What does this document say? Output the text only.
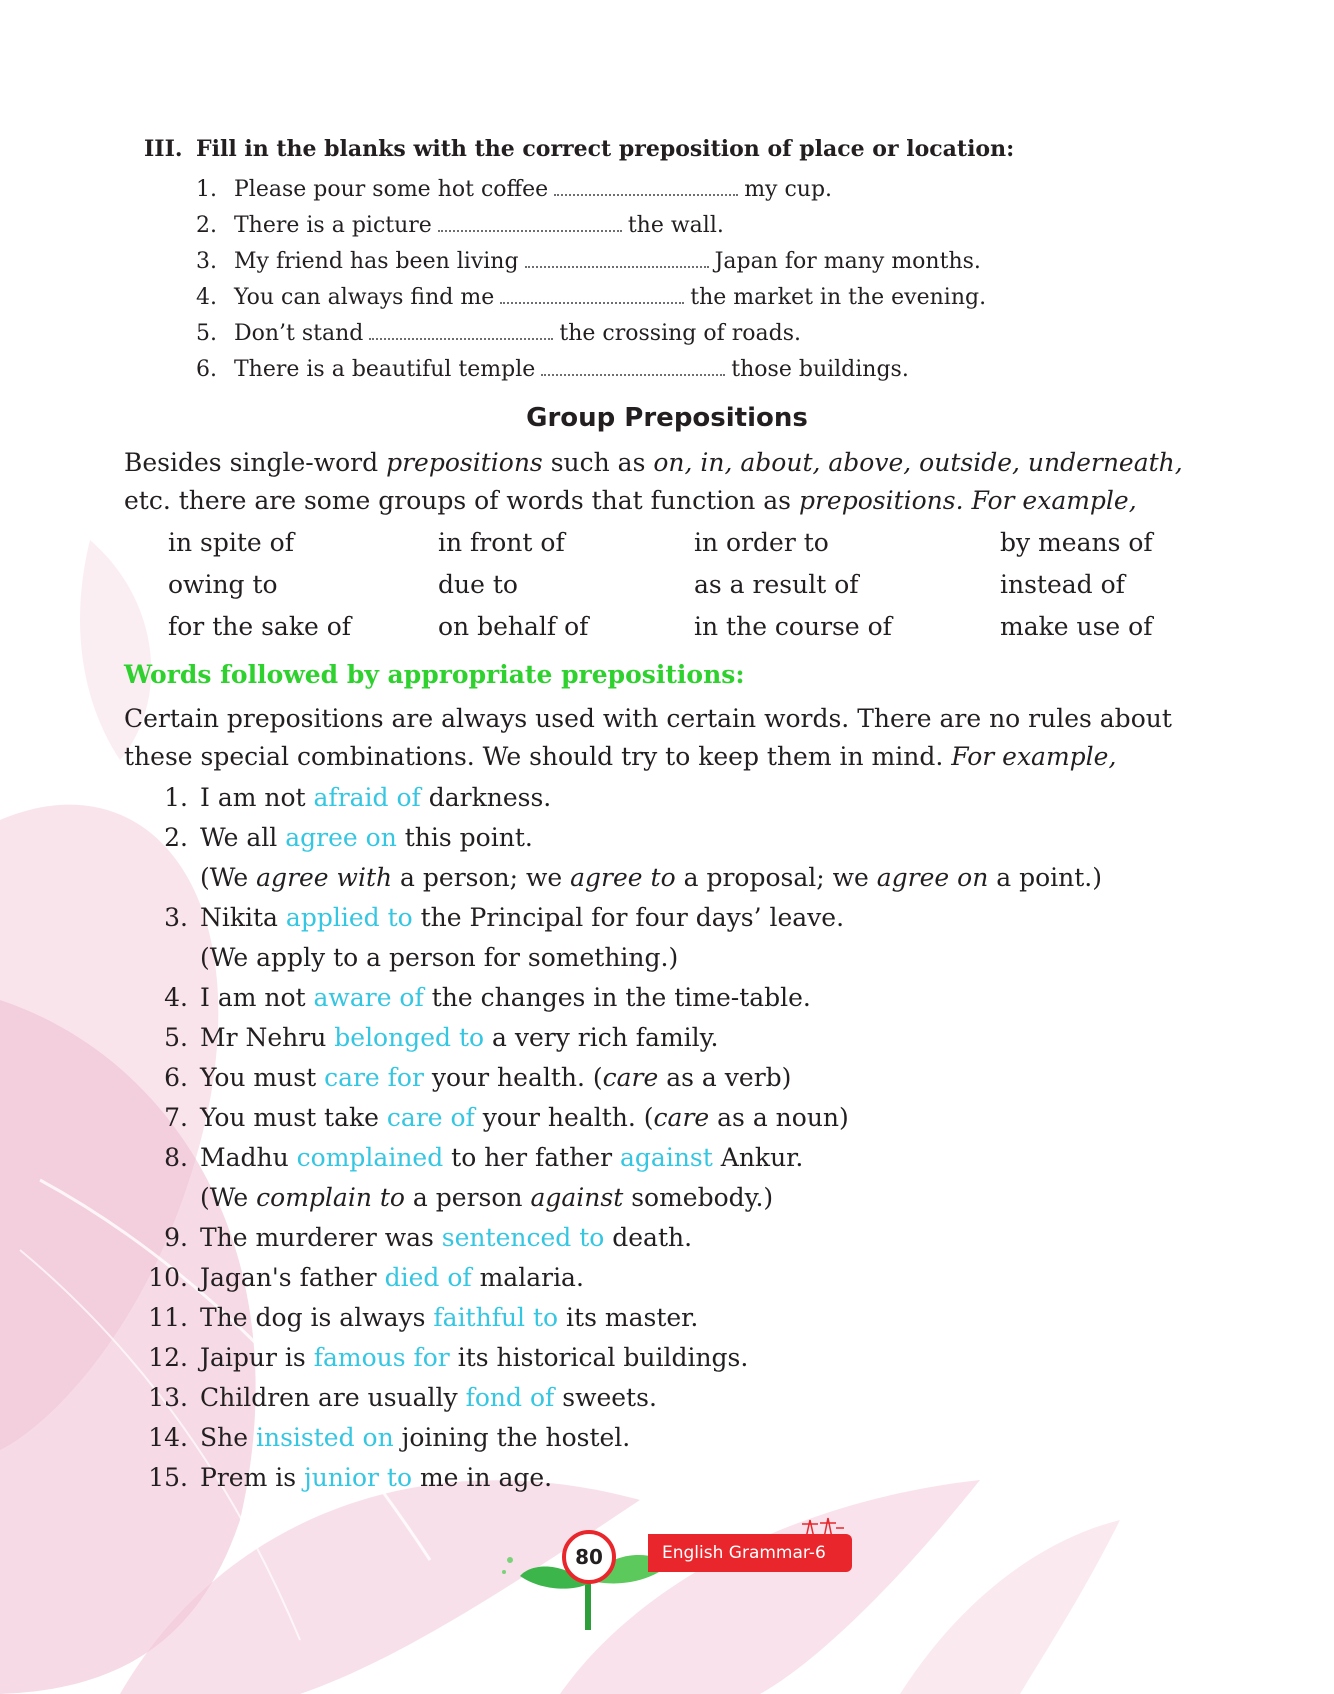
III. Fill in the blanks with the correct preposition of place or location:
1. Please pour some hot coffee	my cup.
2. There is a picture	the wall.
3. My friend has been living	Japan for many months.
4. You can always find me	the market in the evening.
5. Don’t stand	the crossing of roads.
6. There is a beautiful temple	those buildings.
Group Prepositions
Besides single-word prepositions such as on, in, about, above, outside, underneath,
etc. there are some groups of words that function as prepositions. For example,
in spite of	in front of	in order to	by means of
owing to	due to	as a result of	instead of
for the sake of	on behalf of	in the course of	make use of
Words followed by appropriate prepositions:
Certain prepositions are always used with certain words. There are no rules about these special combinations. We should try to keep them in mind. For example,
1. I am not afraid of darkness.
2. We all agree on this point.
(We agree with a person; we agree to a proposal; we agree on a point.)
3. Nikita applied to the Principal for four days’ leave.
(We apply to a person for something.)
4. I am not aware of the changes in the time-table.
5. Mr Nehru belonged to a very rich family.
6. You must care for your health. (care as a verb)
7. You must take care of your health. (care as a noun)
8. Madhu complained to her father against Ankur.
(We complain to a person against somebody.)
9. The murderer was sentenced to death.
10. Jagan's father died of malaria.
11. The dog is always faithful to its master.
12. Jaipur is famous for its historical buildings.
13. Children are usually fond of sweets.
14. She insisted on joining the hostel.
15. Prem is junior to me in age.
English Grammar-6
80
